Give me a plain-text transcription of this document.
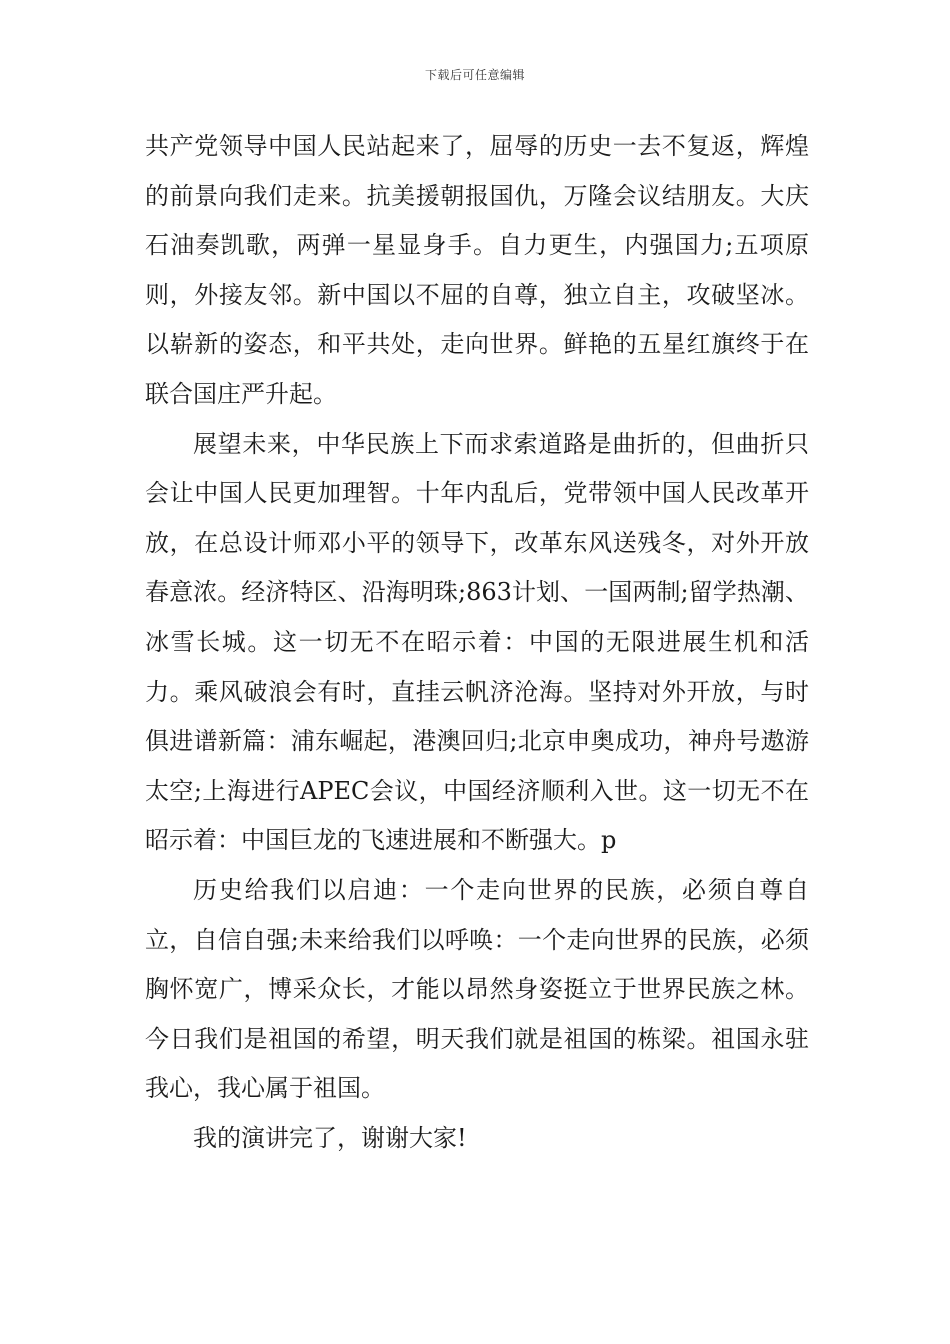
下载后可任意编辑

共产党领导中国人民站起来了，屈辱的历史一去不复返，辉煌的前景向我们走来。抗美援朝报国仇，万隆会议结朋友。大庆石油奏凯歌，两弹一星显身手。自力更生，内强国力;五项原则，外接友邻。新中国以不屈的自尊，独立自主，攻破坚冰。以崭新的姿态，和平共处，走向世界。鲜艳的五星红旗终于在联合国庄严升起。

展望未来，中华民族上下而求索道路是曲折的，但曲折只会让中国人民更加理智。十年内乱后，党带领中国人民改革开放，在总设计师邓小平的领导下，改革东风送残冬，对外开放春意浓。经济特区、沿海明珠;863计划、一国两制;留学热潮、冰雪长城。这一切无不在昭示着：中国的无限进展生机和活力。乘风破浪会有时，直挂云帆济沧海。坚持对外开放，与时俱进谱新篇：浦东崛起，港澳回归;北京申奥成功，神舟号遨游太空;上海进行APEC会议，中国经济顺利入世。这一切无不在昭示着：中国巨龙的飞速进展和不断强大。p

历史给我们以启迪：一个走向世界的民族，必须自尊自立，自信自强;未来给我们以呼唤：一个走向世界的民族，必须胸怀宽广，博采众长，才能以昂然身姿挺立于世界民族之林。今日我们是祖国的希望，明天我们就是祖国的栋梁。祖国永驻我心，我心属于祖国。

我的演讲完了，谢谢大家!
